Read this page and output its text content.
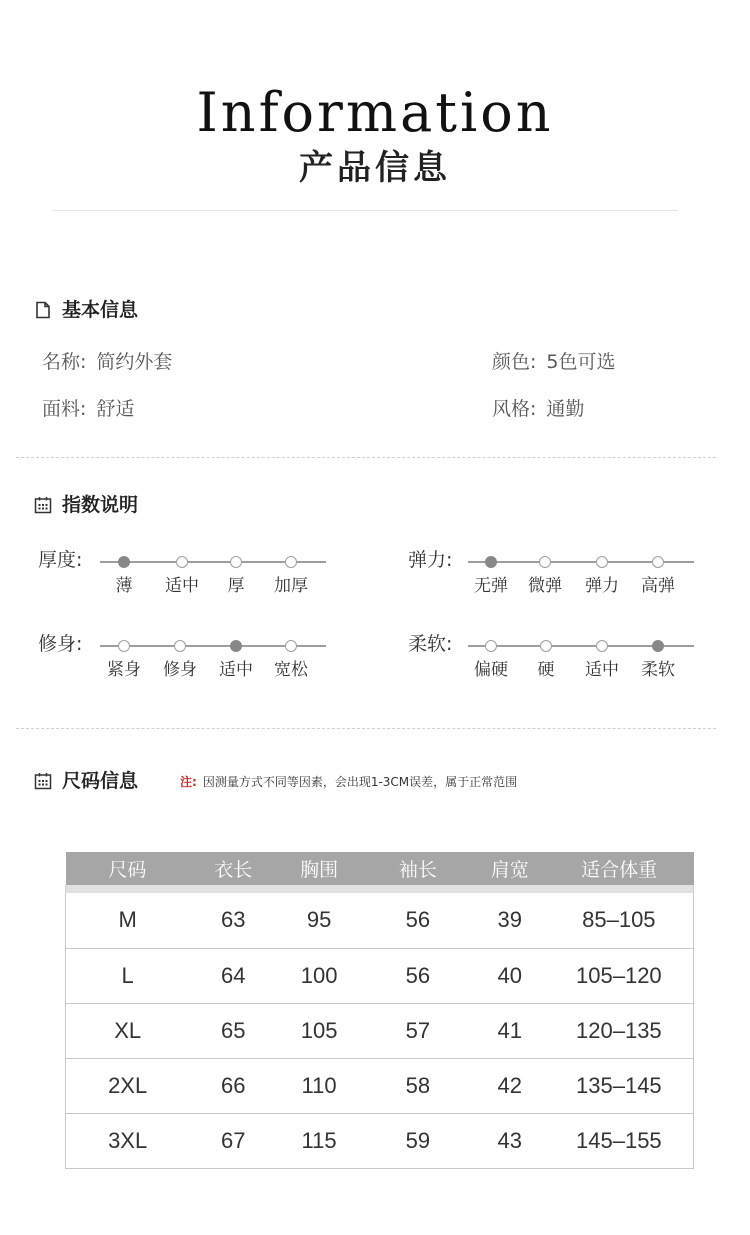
Information
产品信息
基本信息
名称: 简约外套	颜色: 5色可选
面料: 舒适	风格: 通勤
指数说明
厚度:
薄	适中	厚	加厚
弹力:
无弹	微弹	弹力	高弹
修身:
紧身	修身	适中	宽松
柔软:
偏硬	硬	适中	柔软
尺码信息	注: 因测量方式不同等因素，会出现1-3CM误差，属于正常范围
尺码	衣长	胸围	袖长	肩宽	适合体重

M	63	95	56	39	85–105
L	64	100	56	40	105–120
XL	65	105	57	41	120–135
2XL	66	110	58	42	135–145
3XL	67	115	59	43	145–155
